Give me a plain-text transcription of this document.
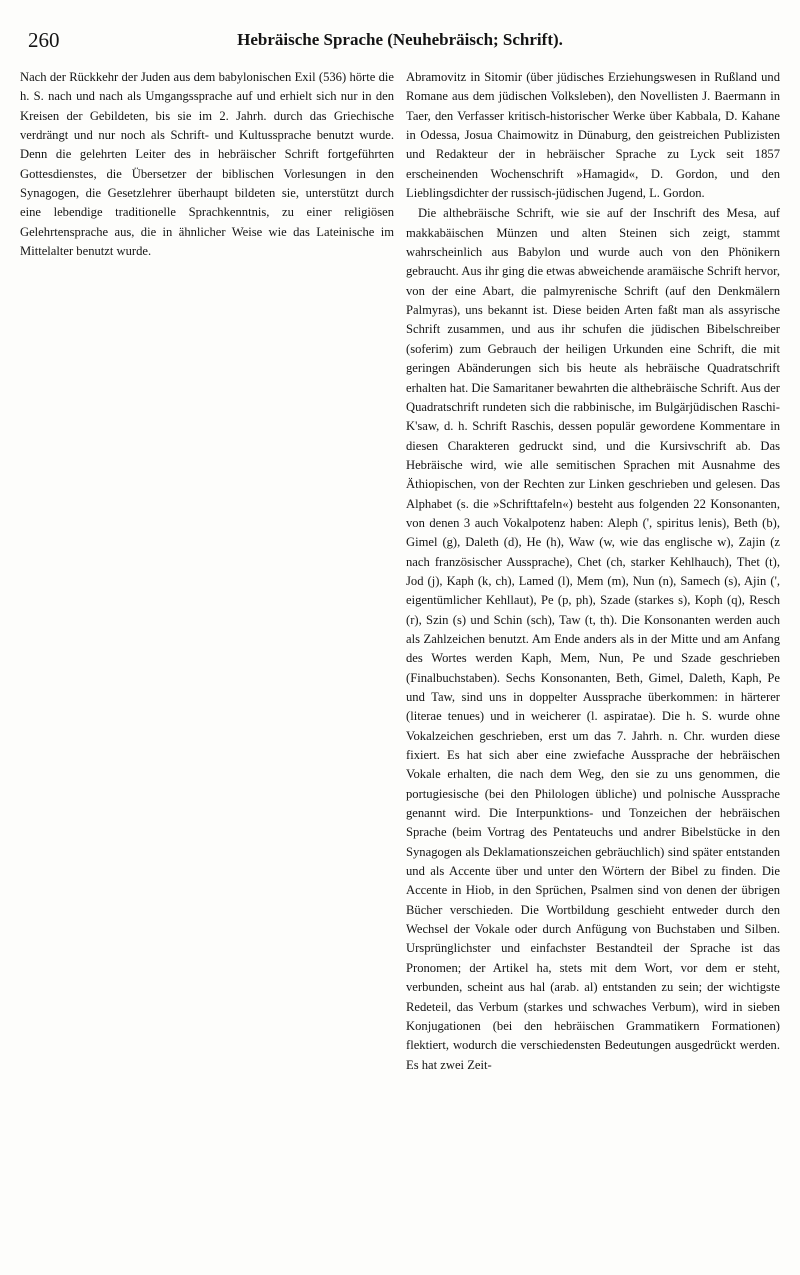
260	Hebräische Sprache (Neuhebräisch; Schrift).

Nach der Rückkehr der Juden aus dem babylonischen Exil (536) hörte die h. S. nach und nach als Umgangssprache auf und erhielt sich nur in den Kreisen der Gebildeten, bis sie im 2. Jahrh. durch das Griechische verdrängt und nur noch als Schrift- und Kultussprache benutzt wurde. Denn die gelehrten Leiter des in hebräischer Schrift fortgeführten Gottesdienstes, die Übersetzer der biblischen Vorlesungen in den Synagogen, die Gesetzlehrer überhaupt bildeten sie, unterstützt durch eine lebendige traditionelle Sprachkenntnis, zu einer religiösen Gelehrtensprache aus, die in ähnlicher Weise wie das Lateinische im Mittelalter benutzt wurde.

Abramovitz in Sitomir (über jüdisches Erziehungswesen in Rußland und Romane aus dem jüdischen Volksleben), den Novellisten J. Baermann in Taer, den Verfasser kritisch-historischer Werke über Kabbala, D. Kahane in Odessa, Josua Chaimowitz in Dünaburg, den geistreichen Publizisten und Redakteur der in hebräischer Sprache zu Lyck seit 1857 erscheinenden Wochenschrift »Hamagid«, D. Gordon, und den Lieblingsdichter der russisch-jüdischen Jugend, L. Gordon.

Die althebräische Schrift, wie sie auf der Inschrift des Mesa, auf makkabäischen Münzen und alten Steinen sich zeigt, stammt wahrscheinlich aus Babylon und wurde auch von den Phönikern gebraucht. Aus ihr ging die etwas abweichende aramäische Schrift hervor, von der eine Abart, die palmyrenische Schrift (auf den Denkmälern Palmyras), uns bekannt ist. Diese beiden Arten faßt man als assyrische Schrift zusammen, und aus ihr schufen die jüdischen Bibelschreiber (soferim) zum Gebrauch der heiligen Urkunden eine Schrift, die mit geringen Abänderungen sich bis heute als hebräische Quadratschrift erhalten hat. Die Samaritaner bewahrten die althebräische Schrift. Aus der Quadratschrift rundeten sich die rabbinische, im Bulgärjüdischen Raschi-K'saw, d. h. Schrift Raschis, dessen populär gewordene Kommentare in diesen Charakteren gedruckt sind, und die Kursivschrift ab. Das Hebräische wird, wie alle semitischen Sprachen mit Ausnahme des Äthiopischen, von der Rechten zur Linken geschrieben und gelesen. Das Alphabet (s. die »Schrifttafeln«) besteht aus folgenden 22 Konsonanten, von denen 3 auch Vokalpotenz haben: Aleph (', spiritus lenis), Beth (b), Gimel (g), Daleth (d), He (h), Waw (w, wie das englische w), Zajin (z nach französischer Aussprache), Chet (ch, starker Kehlhauch), Thet (t), Jod (j), Kaph (k, ch), Lamed (l), Mem (m), Nun (n), Samech (s), Ajin (', eigentümlicher Kehllaut), Pe (p, ph), Szade (starkes s), Koph (q), Resch (r), Szin (s) und Schin (sch), Taw (t, th). Die Konsonanten werden auch als Zahlzeichen benutzt. Am Ende anders als in der Mitte und am Anfang des Wortes werden Kaph, Mem, Nun, Pe und Szade geschrieben (Finalbuchstaben). Sechs Konsonanten, Beth, Gimel, Daleth, Kaph, Pe und Taw, sind uns in doppelter Aussprache überkommen: in härterer (literae tenues) und in weicherer (l. aspiratae). Die h. S. wurde ohne Vokalzeichen geschrieben, erst um das 7. Jahrh. n. Chr. wurden diese fixiert. Es hat sich aber eine zwiefache Aussprache der hebräischen Vokale erhalten, die nach dem Weg, den sie zu uns genommen, die portugiesische (bei den Philologen übliche) und polnische Aussprache genannt wird. Die Interpunktions- und Tonzeichen der hebräischen Sprache (beim Vortrag des Pentateuchs und andrer Bibelstücke in den Synagogen als Deklamationszeichen gebräuchlich) sind später entstanden und als Accente über und unter den Wörtern der Bibel zu finden. Die Accente in Hiob, in den Sprüchen, Psalmen sind von denen der übrigen Bücher verschieden. Die Wortbildung geschieht entweder durch den Wechsel der Vokale oder durch Anfügung von Buchstaben und Silben. Ursprünglichster und einfachster Bestandteil der Sprache ist das Pronomen; der Artikel ha, stets mit dem Wort, vor dem er steht, verbunden, scheint aus hal (arab. al) entstanden zu sein; der wichtigste Redeteil, das Verbum (starkes und schwaches Verbum), wird in sieben Konjugationen (bei den hebräischen Grammatikern Formationen) flektiert, wodurch die verschiedensten Bedeutungen ausgedrückt werden. Es hat zwei Zeit-
